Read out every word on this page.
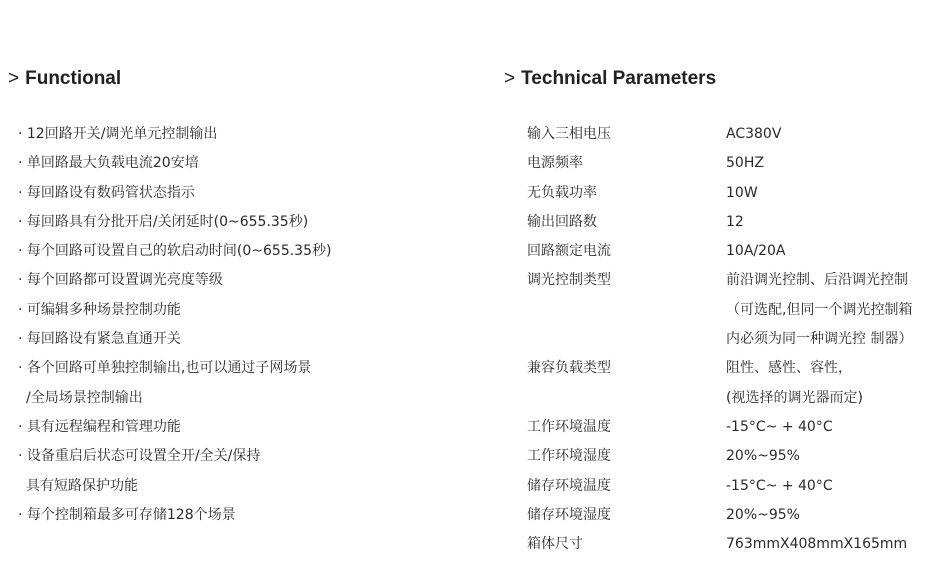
> Functional
· 12回路开关/调光单元控制输出
· 单回路最大负载电流20安培
· 每回路设有数码管状态指示
· 每回路具有分批开启/关闭延时(0~655.35秒)
· 每个回路可设置自己的软启动时间(0~655.35秒)
· 每个回路都可设置调光亮度等级
· 可编辑多种场景控制功能
· 每回路设有紧急直通开关
· 各个回路可单独控制输出,也可以通过子网场景
/全局场景控制输出
· 具有远程编程和管理功能
· 设备重启后状态可设置全开/全关/保持
具有短路保护功能
· 每个控制箱最多可存储128个场景
> Technical Parameters
输入三相电压	AC380V
电源频率	50HZ
无负载功率	10W
输出回路数	12
回路额定电流	10A/20A
调光控制类型	前沿调光控制、后沿调光控制
（可选配,但同一个调光控制箱
内必须为同一种调光控 制器）
兼容负载类型	阻性、感性、容性，
(视选择的调光器而定)
工作环境温度	-15°C~ + 40°C
工作环境湿度	20%~95%
储存环境温度	-15°C~ + 40°C
储存环境湿度	20%~95%
箱体尺寸	763mmX408mmX165mm
